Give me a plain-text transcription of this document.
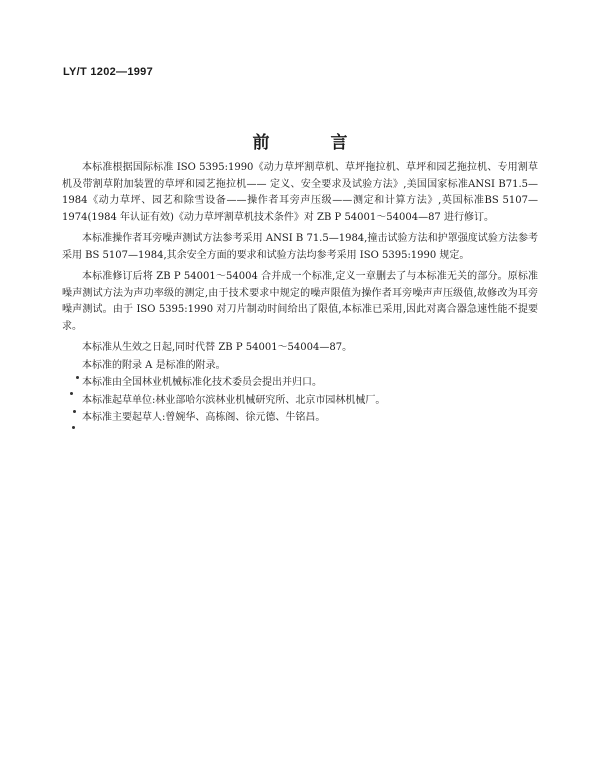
LY/T 1202—1997
前　言

本标准根据国际标准 ISO 5395:1990《动力草坪割草机、草坪拖拉机、草坪和园艺拖拉机、专用割草机及带割草附加装置的草坪和园艺拖拉机—— 定义、安全要求及试验方法》,美国国家标准ANSI B71.5—1984《动力草坪、园艺和除雪设备——操作者耳旁声压级——测定和计算方法》,英国标准BS 5107—1974(1984 年认证有效)《动力草坪割草机技术条件》对 ZB P 54001～54004—87 进行修订。

本标准操作者耳旁噪声测试方法参考采用 ANSI B 71.5—1984,撞击试验方法和护罩强度试验方法参考采用 BS 5107—1984,其余安全方面的要求和试验方法均参考采用 ISO 5395:1990 规定。

本标准修订后将 ZB P 54001～54004 合并成一个标准,定义一章删去了与本标准无关的部分。原标准噪声测试方法为声功率级的测定,由于技术要求中规定的噪声限值为操作者耳旁噪声声压级值,故修改为耳旁噪声测试。由于 ISO 5395:1990 对刀片制动时间给出了限值,本标准已采用,因此对离合器急速性能不提要求。

本标准从生效之日起,同时代替 ZB P 54001～54004—87。

本标准的附录 A 是标准的附录。

本标准由全国林业机械标准化技术委员会提出并归口。

本标准起草单位:林业部哈尔滨林业机械研究所、北京市园林机械厂。

本标准主要起草人:曾婉华、高栋阁、徐元德、牛铭昌。
